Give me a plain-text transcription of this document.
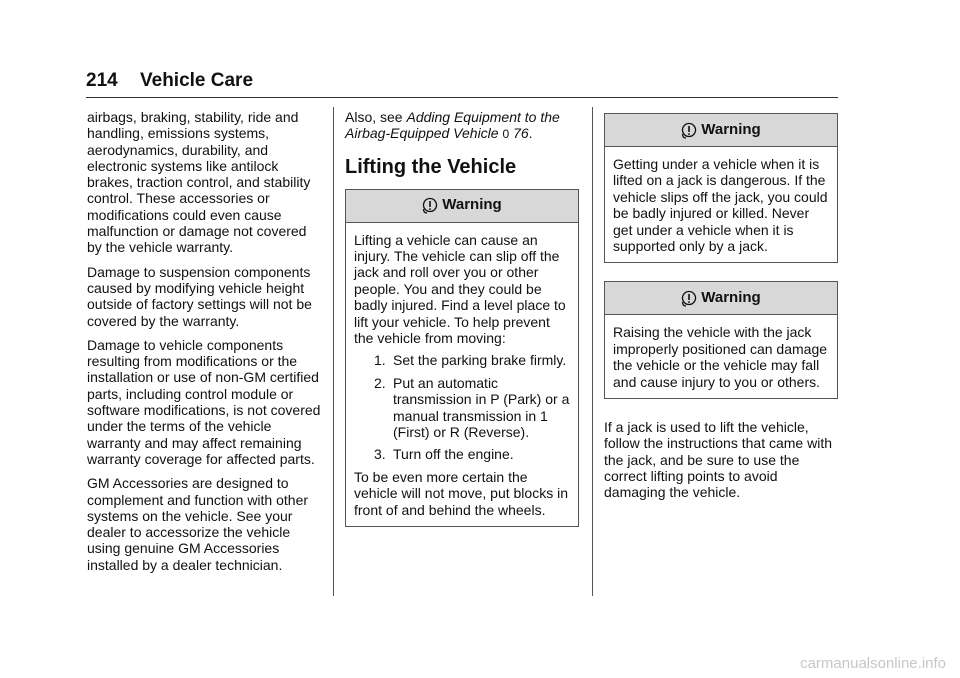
214 Vehicle Care

airbags, braking, stability, ride and handling, emissions systems, aerodynamics, durability, and electronic systems like antilock brakes, traction control, and stability control. These accessories or modifications could even cause malfunction or damage not covered by the vehicle warranty.

Damage to suspension components caused by modifying vehicle height outside of factory settings will not be covered by the warranty.

Damage to vehicle components resulting from modifications or the installation or use of non-GM certified parts, including control module or software modifications, is not covered under the terms of the vehicle warranty and may affect remaining warranty coverage for affected parts.

GM Accessories are designed to complement and function with other systems on the vehicle. See your dealer to accessorize the vehicle using genuine GM Accessories installed by a dealer technician.

Also, see Adding Equipment to the Airbag-Equipped Vehicle 0 76.

Lifting the Vehicle
Warning

Lifting a vehicle can cause an injury. The vehicle can slip off the jack and roll over you or other people. You and they could be badly injured. Find a level place to lift your vehicle. To help prevent the vehicle from moving:

1. Set the parking brake firmly.
2. Put an automatic transmission in P (Park) or a manual transmission in 1 (First) or R (Reverse).
3. Turn off the engine.

To be even more certain the vehicle will not move, put blocks in front of and behind the wheels.

Warning

Getting under a vehicle when it is lifted on a jack is dangerous. If the vehicle slips off the jack, you could be badly injured or killed. Never get under a vehicle when it is supported only by a jack.

Warning

Raising the vehicle with the jack improperly positioned can damage the vehicle or the vehicle may fall and cause injury to you or others.

If a jack is used to lift the vehicle, follow the instructions that came with the jack, and be sure to use the correct lifting points to avoid damaging the vehicle.

carmanualsonline.info
